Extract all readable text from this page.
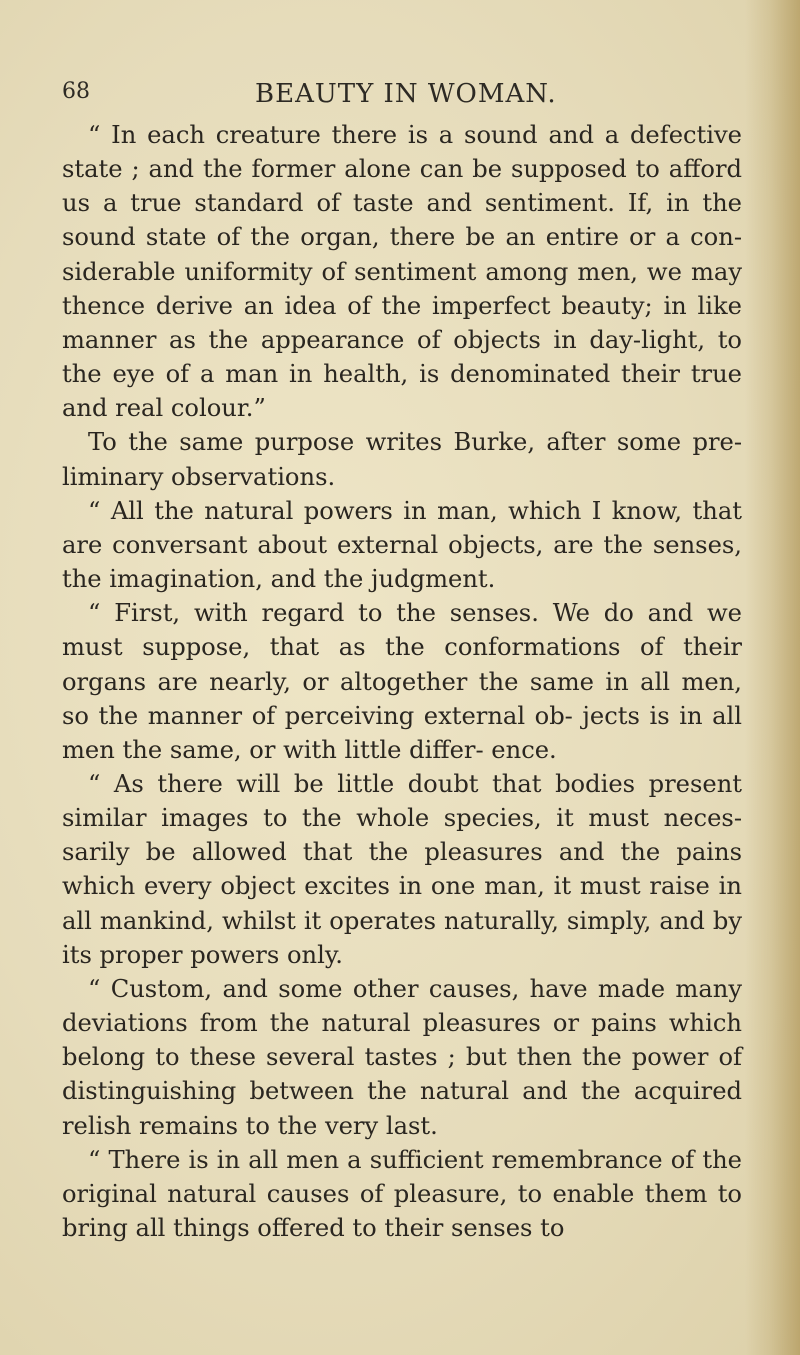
68	BEAUTY IN WOMAN.

“ In each creature there is a sound and a defective state ; and the former alone can be supposed to afford us a true standard of taste and sentiment. If, in the sound state of the organ, there be an entire or a con- siderable uniformity of sentiment among men, we may thence derive an idea of the imperfect beauty; in like manner as the appearance of objects in day-light, to the eye of a man in health, is denominated their true and real colour.”

To the same purpose writes Burke, after some pre- liminary observations.

“ All the natural powers in man, which I know, that are conversant about external objects, are the senses, the imagination, and the judgment.

“ First, with regard to the senses. We do and we must suppose, that as the conformations of their organs are nearly, or altogether the same in all men, so the manner of perceiving external ob- jects is in all men the same, or with little differ- ence.

“ As there will be little doubt that bodies present similar images to the whole species, it must neces- sarily be allowed that the pleasures and the pains which every object excites in one man, it must raise in all mankind, whilst it operates naturally, simply, and by its proper powers only.

“ Custom, and some other causes, have made many deviations from the natural pleasures or pains which belong to these several tastes ; but then the power of distinguishing between the natural and the acquired relish remains to the very last.

“ There is in all men a sufficient remembrance of the original natural causes of pleasure, to enable them to bring all things offered to their senses to
